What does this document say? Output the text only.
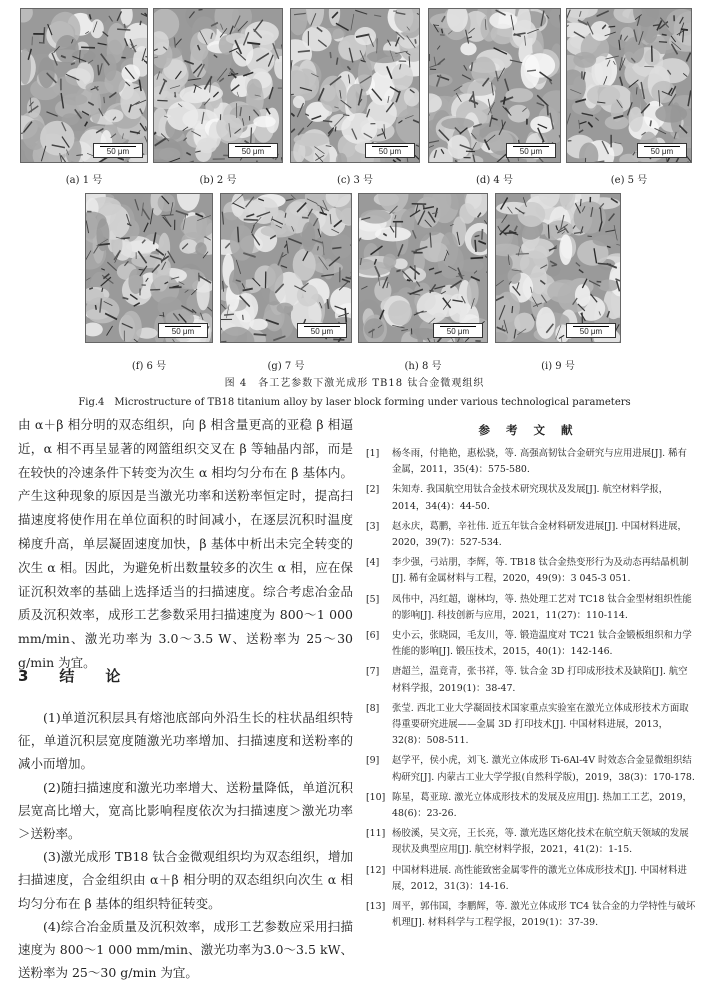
图 4　各工艺参数下激光成形 TB18 钛合金微观组织
Fig.4　Microstructure of TB18 titanium alloy by laser block forming under various technological parameters

由 α＋β 相分明的双态组织，向 β 相含量更高的亚稳 β 相逼近，α 相不再呈显著的网篮组织交叉在 β 等轴晶内部，而是在较快的冷速条件下转变为次生 α 相均匀分布在 β 基体内。产生这种现象的原因是当激光功率和送粉率恒定时，提高扫描速度将使作用在单位面积的时间减小，在逐层沉积时温度梯度升高，单层凝固速度加快，β 基体中析出未完全转变的次生 α 相。因此，为避免析出数量较多的次生 α 相，应在保证沉积效率的基础上选择适当的扫描速度。综合考虑冶金品质及沉积效率，成形工艺参数采用扫描速度为 800～1 000 mm/min、激光功率为 3.0～3.5 W、送粉率为 25～30 g/min 为宜。

3　结　论

(1)单道沉积层具有熔池底部向外沿生长的柱状晶组织特征，单道沉积层宽度随激光功率增加、扫描速度和送粉率的减小而增加。

(2)随扫描速度和激光功率增大、送粉量降低，单道沉积层宽高比增大，宽高比影响程度依次为扫描速度＞激光功率＞送粉率。

(3)激光成形 TB18 钛合金微观组织均为双态组织，增加扫描速度，合金组织由 α＋β 相分明的双态组织向次生 α 相均匀分布在 β 基体的组织特征转变。

(4)综合冶金质量及沉积效率，成形工艺参数应采用扫描速度为 800～1 000 mm/min、激光功率为3.0～3.5 kW、送粉率为 25～30 g/min 为宜。

参 考 文 献
[1] 杨冬雨，付艳艳，惠松骁，等. 高强高韧钛合金研究与应用进展[J]. 稀有金属，2011，35(4)：575-580.
[2] 朱知寿. 我国航空用钛合金技术研究现状及发展[J]. 航空材料学报，2014，34(4)：44-50.
[3] 赵永庆，葛鹏，辛社伟. 近五年钛合金材料研发进展[J]. 中国材料进展，2020，39(7)：527-534.
[4] 李少强，弓站朋，李辉，等. TB18 钛合金热变形行为及动态再结晶机制[J]. 稀有金属材料与工程，2020，49(9)：3 045-3 051.
[5] 凤伟中，冯红超，谢林均，等. 热处理工艺对 TC18 钛合金型材组织性能的影响[J]. 科技创新与应用，2021，11(27)：110-114.
[6] 史小云，张晓园，毛友川，等. 锻造温度对 TC21 钛合金锻板组织和力学性能的影响[J]. 锻压技术，2015，40(1)：142-146.
[7] 唐超兰，温竟青，张书祥，等. 钛合金 3D 打印成形技术及缺陷[J]. 航空材料学报，2019(1)：38-47.
[8] 张莹. 西北工业大学凝固技术国家重点实验室在激光立体成形技术方面取得重要研究进展——金属 3D 打印技术[J]. 中国材料进展，2013，32(8)：508-511.
[9] 赵学平，侯小虎，刘飞. 激光立体成形 Ti-6Al-4V 时效态合金显微组织结构研究[J]. 内蒙古工业大学学报(自然科学版)，2019，38(3)：170-178.
[10] 陈星，葛亚琼. 激光立体成形技术的发展及应用[J]. 热加工工艺，2019，48(6)：23-26.
[11] 杨胶溪，吴文亮，王长亮，等. 激光选区熔化技术在航空航天领域的发展现状及典型应用[J]. 航空材料学报，2021，41(2)：1-15.
[12] 中国材料进展. 高性能致密金属零件的激光立体成形技术[J]. 中国材料进展，2012，31(3)：14-16.
[13] 周平，郭伟国，李鹏辉，等. 激光立体成形 TC4 钛合金的力学特性与破坏机理[J]. 材料科学与工程学报，2019(1)：37-39.
50 μm
(a) 1 号
50 μm
(b) 2 号
50 μm
(c) 3 号
50 μm
(d) 4 号
50 μm
(e) 5 号
50 μm
(f) 6 号
50 μm
(g) 7 号
50 μm
(h) 8 号
50 μm
(i) 9 号
